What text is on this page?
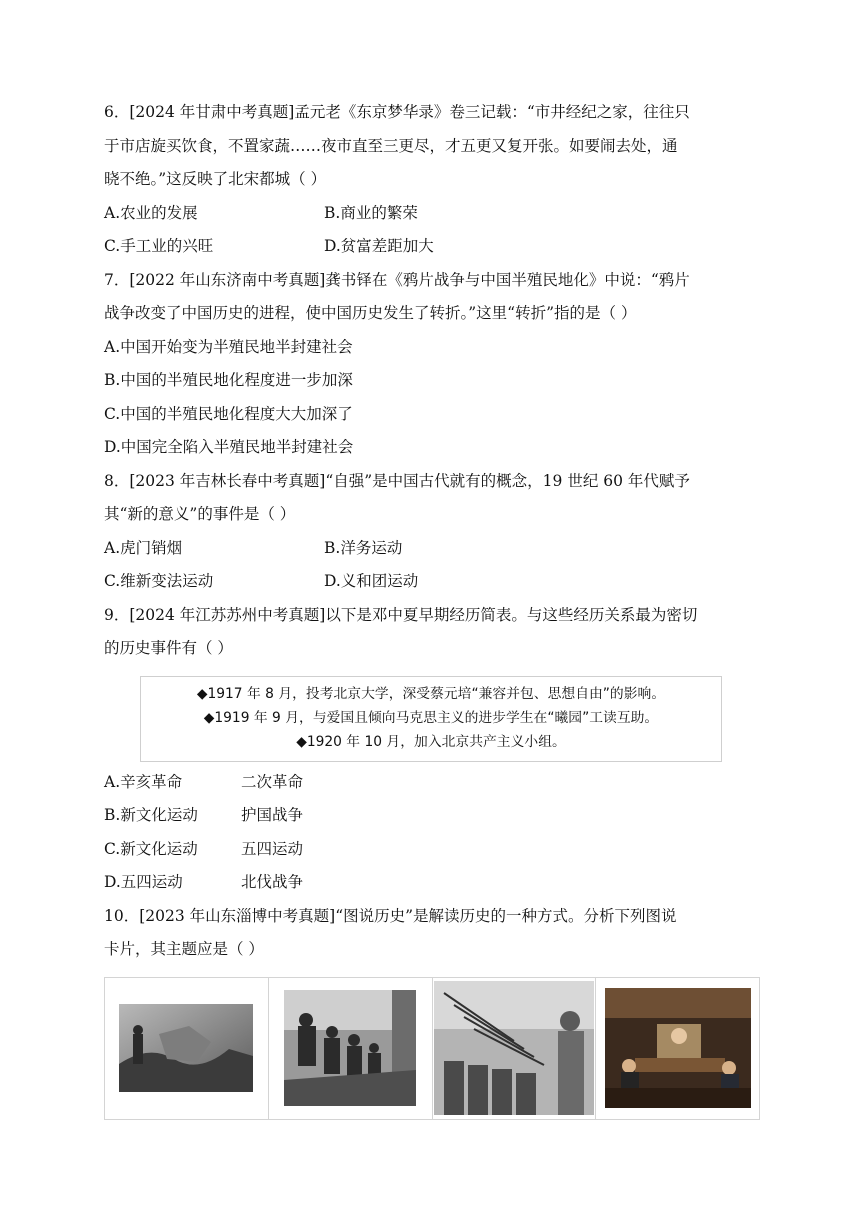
6．[2024 年甘肃中考真题]孟元老《东京梦华录》卷三记载：“市井经纪之家，往往只
于市店旋买饮食，不置家蔬……夜市直至三更尽，才五更又复开张。如要闹去处，通
晓不绝。”这反映了北宋都城（ ）
A.农业的发展	B.商业的繁荣
C.手工业的兴旺	D.贫富差距加大
7．[2022 年山东济南中考真题]龚书铎在《鸦片战争与中国半殖民地化》中说：“鸦片
战争改变了中国历史的进程，使中国历史发生了转折。”这里“转折”指的是（ ）
A.中国开始变为半殖民地半封建社会
B.中国的半殖民地化程度进一步加深
C.中国的半殖民地化程度大大加深了
D.中国完全陷入半殖民地半封建社会
8．[2023 年吉林长春中考真题]“自强”是中国古代就有的概念，19 世纪 60 年代赋予
其“新的意义”的事件是（ ）
A.虎门销烟	B.洋务运动
C.维新变法运动	D.义和团运动
9．[2024 年江苏苏州中考真题]以下是邓中夏早期经历简表。与这些经历关系最为密切
的历史事件有（ ）
◆1917 年 8 月，投考北京大学，深受蔡元培“兼容并包、思想自由”的影响。
◆1919 年 9 月，与爱国且倾向马克思主义的进步学生在“曦园”工读互助。
◆1920 年 10 月，加入北京共产主义小组。
A.辛亥革命	二次革命
B.新文化运动	护国战争
C.新文化运动	五四运动
D.五四运动	北伐战争
10．[2023 年山东淄博中考真题]“图说历史”是解读历史的一种方式。分析下列图说
卡片，其主题应是（ ）
